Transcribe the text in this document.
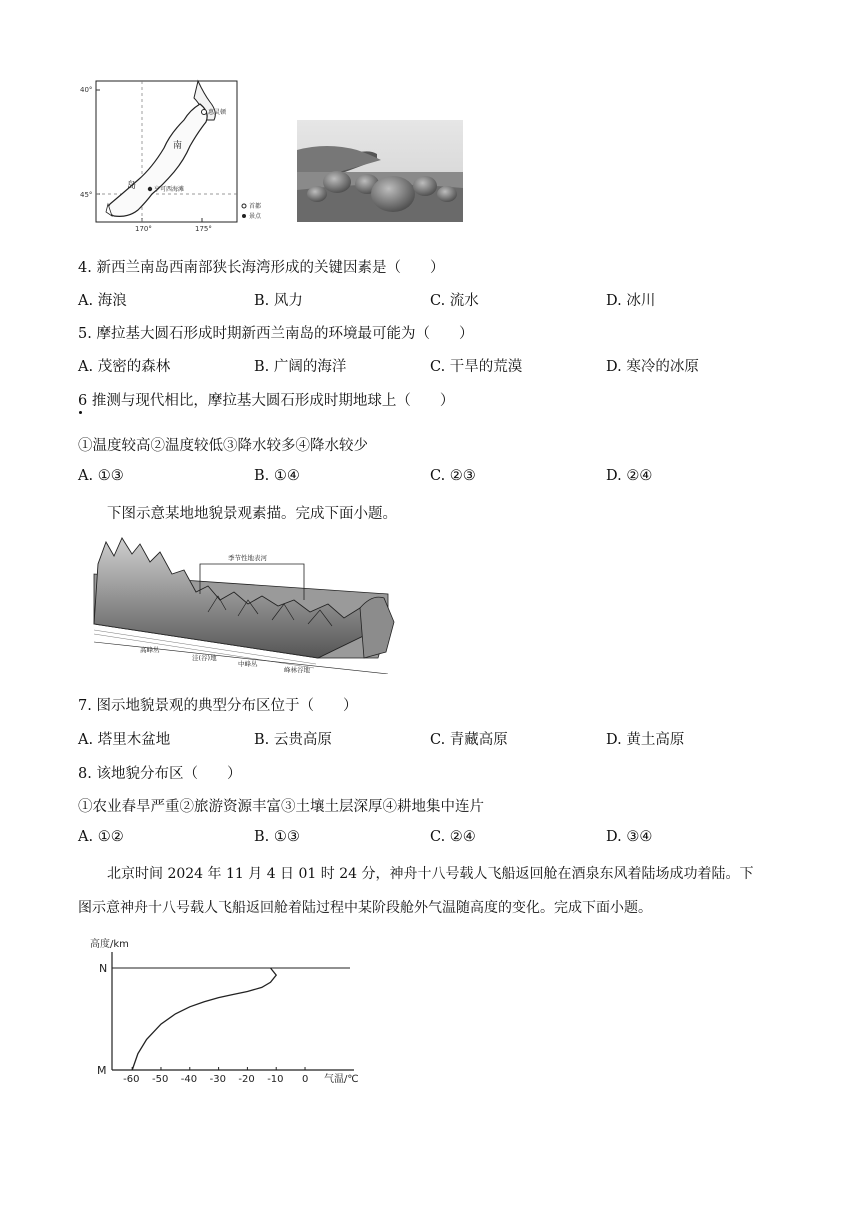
40°
45°
170°	175°
南
岛
惠灵顿
亨可西海滩
首都
景点
4. 新西兰南岛西南部狭长海湾形成的关键因素是（　　）
A. 海浪	B. 风力	C. 流水	D. 冰川
5. 摩拉基大圆石形成时期新西兰南岛的环境最可能为（　　）
A. 茂密的森林	B. 广阔的海洋	C. 干旱的荒漠	D. 寒冷的冰原
6 推测与现代相比，摩拉基大圆石形成时期地球上（　　）
①温度较高②温度较低③降水较多④降水较少
A. ①③	B. ①④	C. ②③	D. ②④
下图示意某地地貌景观素描。完成下面小题。
季节性地表河
高峰丛
洼(谷)地
中峰丛
峰林谷地
7. 图示地貌景观的典型分布区位于（　　）
A. 塔里木盆地	B. 云贵高原	C. 青藏高原	D. 黄土高原
8. 该地貌分布区（　　）
①农业春旱严重②旅游资源丰富③土壤土层深厚④耕地集中连片
A. ①②	B. ①③	C. ②④	D. ③④
北京时间 2024 年 11 月 4 日 01 时 24 分，神舟十八号载人飞船返回舱在酒泉东风着陆场成功着陆。下
图示意神舟十八号载人飞船返回舱着陆过程中某阶段舱外气温随高度的变化。完成下面小题。
高度/km
N
M
-60 -50 -40 -30 -20 -10 0 气温/℃
